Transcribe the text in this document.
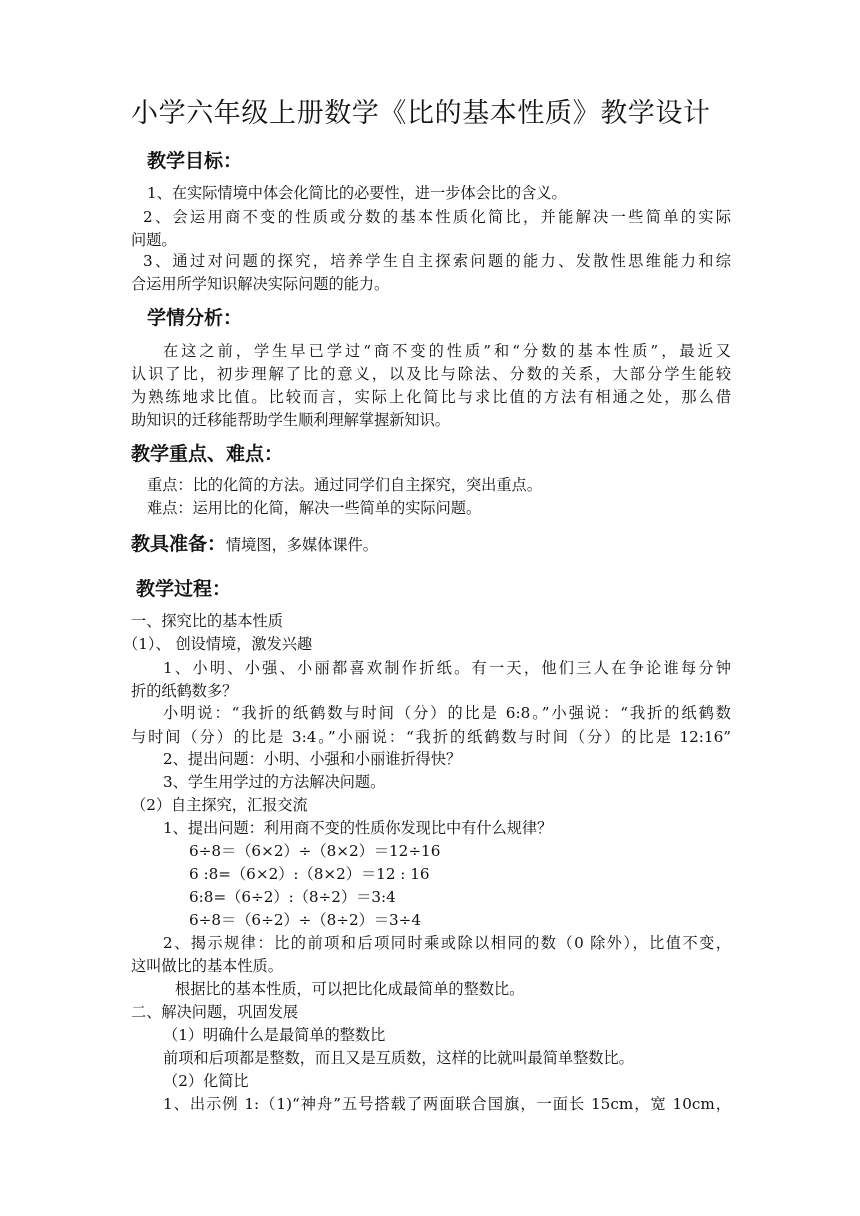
小学六年级上册数学《比的基本性质》教学设计
教学目标：
1、在实际情境中体会化简比的必要性，进一步体会比的含义。
2、会运用商不变的性质或分数的基本性质化简比，并能解决一些简单的实际
问题。
3、通过对问题的探究，培养学生自主探索问题的能力、发散性思维能力和综
合运用所学知识解决实际问题的能力。
学情分析：
在这之前，学生早已学过“商不变的性质”和“分数的基本性质”，最近又
认识了比，初步理解了比的意义，以及比与除法、分数的关系，大部分学生能较
为熟练地求比值。比较而言，实际上化简比与求比值的方法有相通之处，那么借
助知识的迁移能帮助学生顺利理解掌握新知识。
教学重点、难点：
重点：比的化简的方法。通过同学们自主探究，突出重点。
难点：运用比的化简，解决一些简单的实际问题。
教具准备：情境图，多媒体课件。
教学过程：
一、探究比的基本性质
（1）、 创设情境，激发兴趣
1、小明、小强、小丽都喜欢制作折纸。有一天，他们三人在争论谁每分钟
折的纸鹤数多？
小明说：“我折的纸鹤数与时间（分）的比是 6:8。”小强说：“我折的纸鹤数
与时间（分）的比是 3:4。”小丽说：“我折的纸鹤数与时间（分）的比是 12:16”
2、提出问题：小明、小强和小丽谁折得快？
3、学生用学过的方法解决问题。
（2）自主探究，汇报交流
1、提出问题：利用商不变的性质你发现比中有什么规律？
6÷8＝（6×2）÷（8×2）＝12÷16
6 :8=（6×2）:（8×2）＝12 : 16
6:8=（6÷2）:（8÷2）＝3:4
6÷8＝（6÷2）÷（8÷2）＝3÷4
2、揭示规律：比的前项和后项同时乘或除以相同的数（0 除外），比值不变，
这叫做比的基本性质。
根据比的基本性质，可以把比化成最简单的整数比。
二、解决问题，巩固发展
（1）明确什么是最简单的整数比
前项和后项都是整数，而且又是互质数，这样的比就叫最简单整数比。
（2）化简比
1、出示例 1:（1)“神舟”五号搭载了两面联合国旗，一面长 15cm，宽 10cm，
